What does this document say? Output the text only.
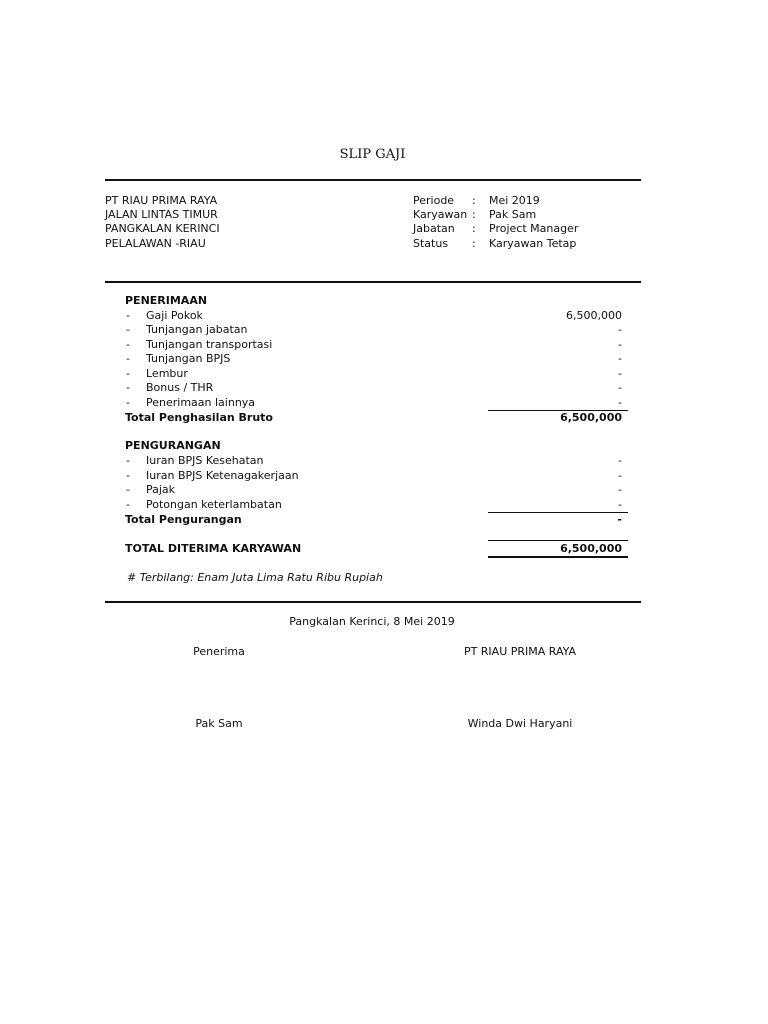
SLIP GAJI
PT RIAU PRIMA RAYA
JALAN LINTAS TIMUR
PANGKALAN KERINCI
PELALAWAN -RIAU
Periode : Mei 2019
Karyawan : Pak Sam
Jabatan : Project Manager
Status : Karyawan Tetap
PENERIMAAN
- Gaji Pokok	6,500,000
- Tunjangan jabatan	-
- Tunjangan transportasi	-
- Tunjangan BPJS	-
- Lembur	-
- Bonus / THR	-
- Penerimaan lainnya	-
Total Penghasilan Bruto	6,500,000
PENGURANGAN
- Iuran BPJS Kesehatan	-
- Iuran BPJS Ketenagakerjaan	-
- Pajak	-
- Potongan keterlambatan	-
Total Pengurangan	-
TOTAL DITERIMA KARYAWAN	6,500,000
# Terbilang: Enam Juta Lima Ratu Ribu Rupiah
Pangkalan Kerinci, 8 Mei 2019
Penerima	PT RIAU PRIMA RAYA
Pak Sam	Winda Dwi Haryani
